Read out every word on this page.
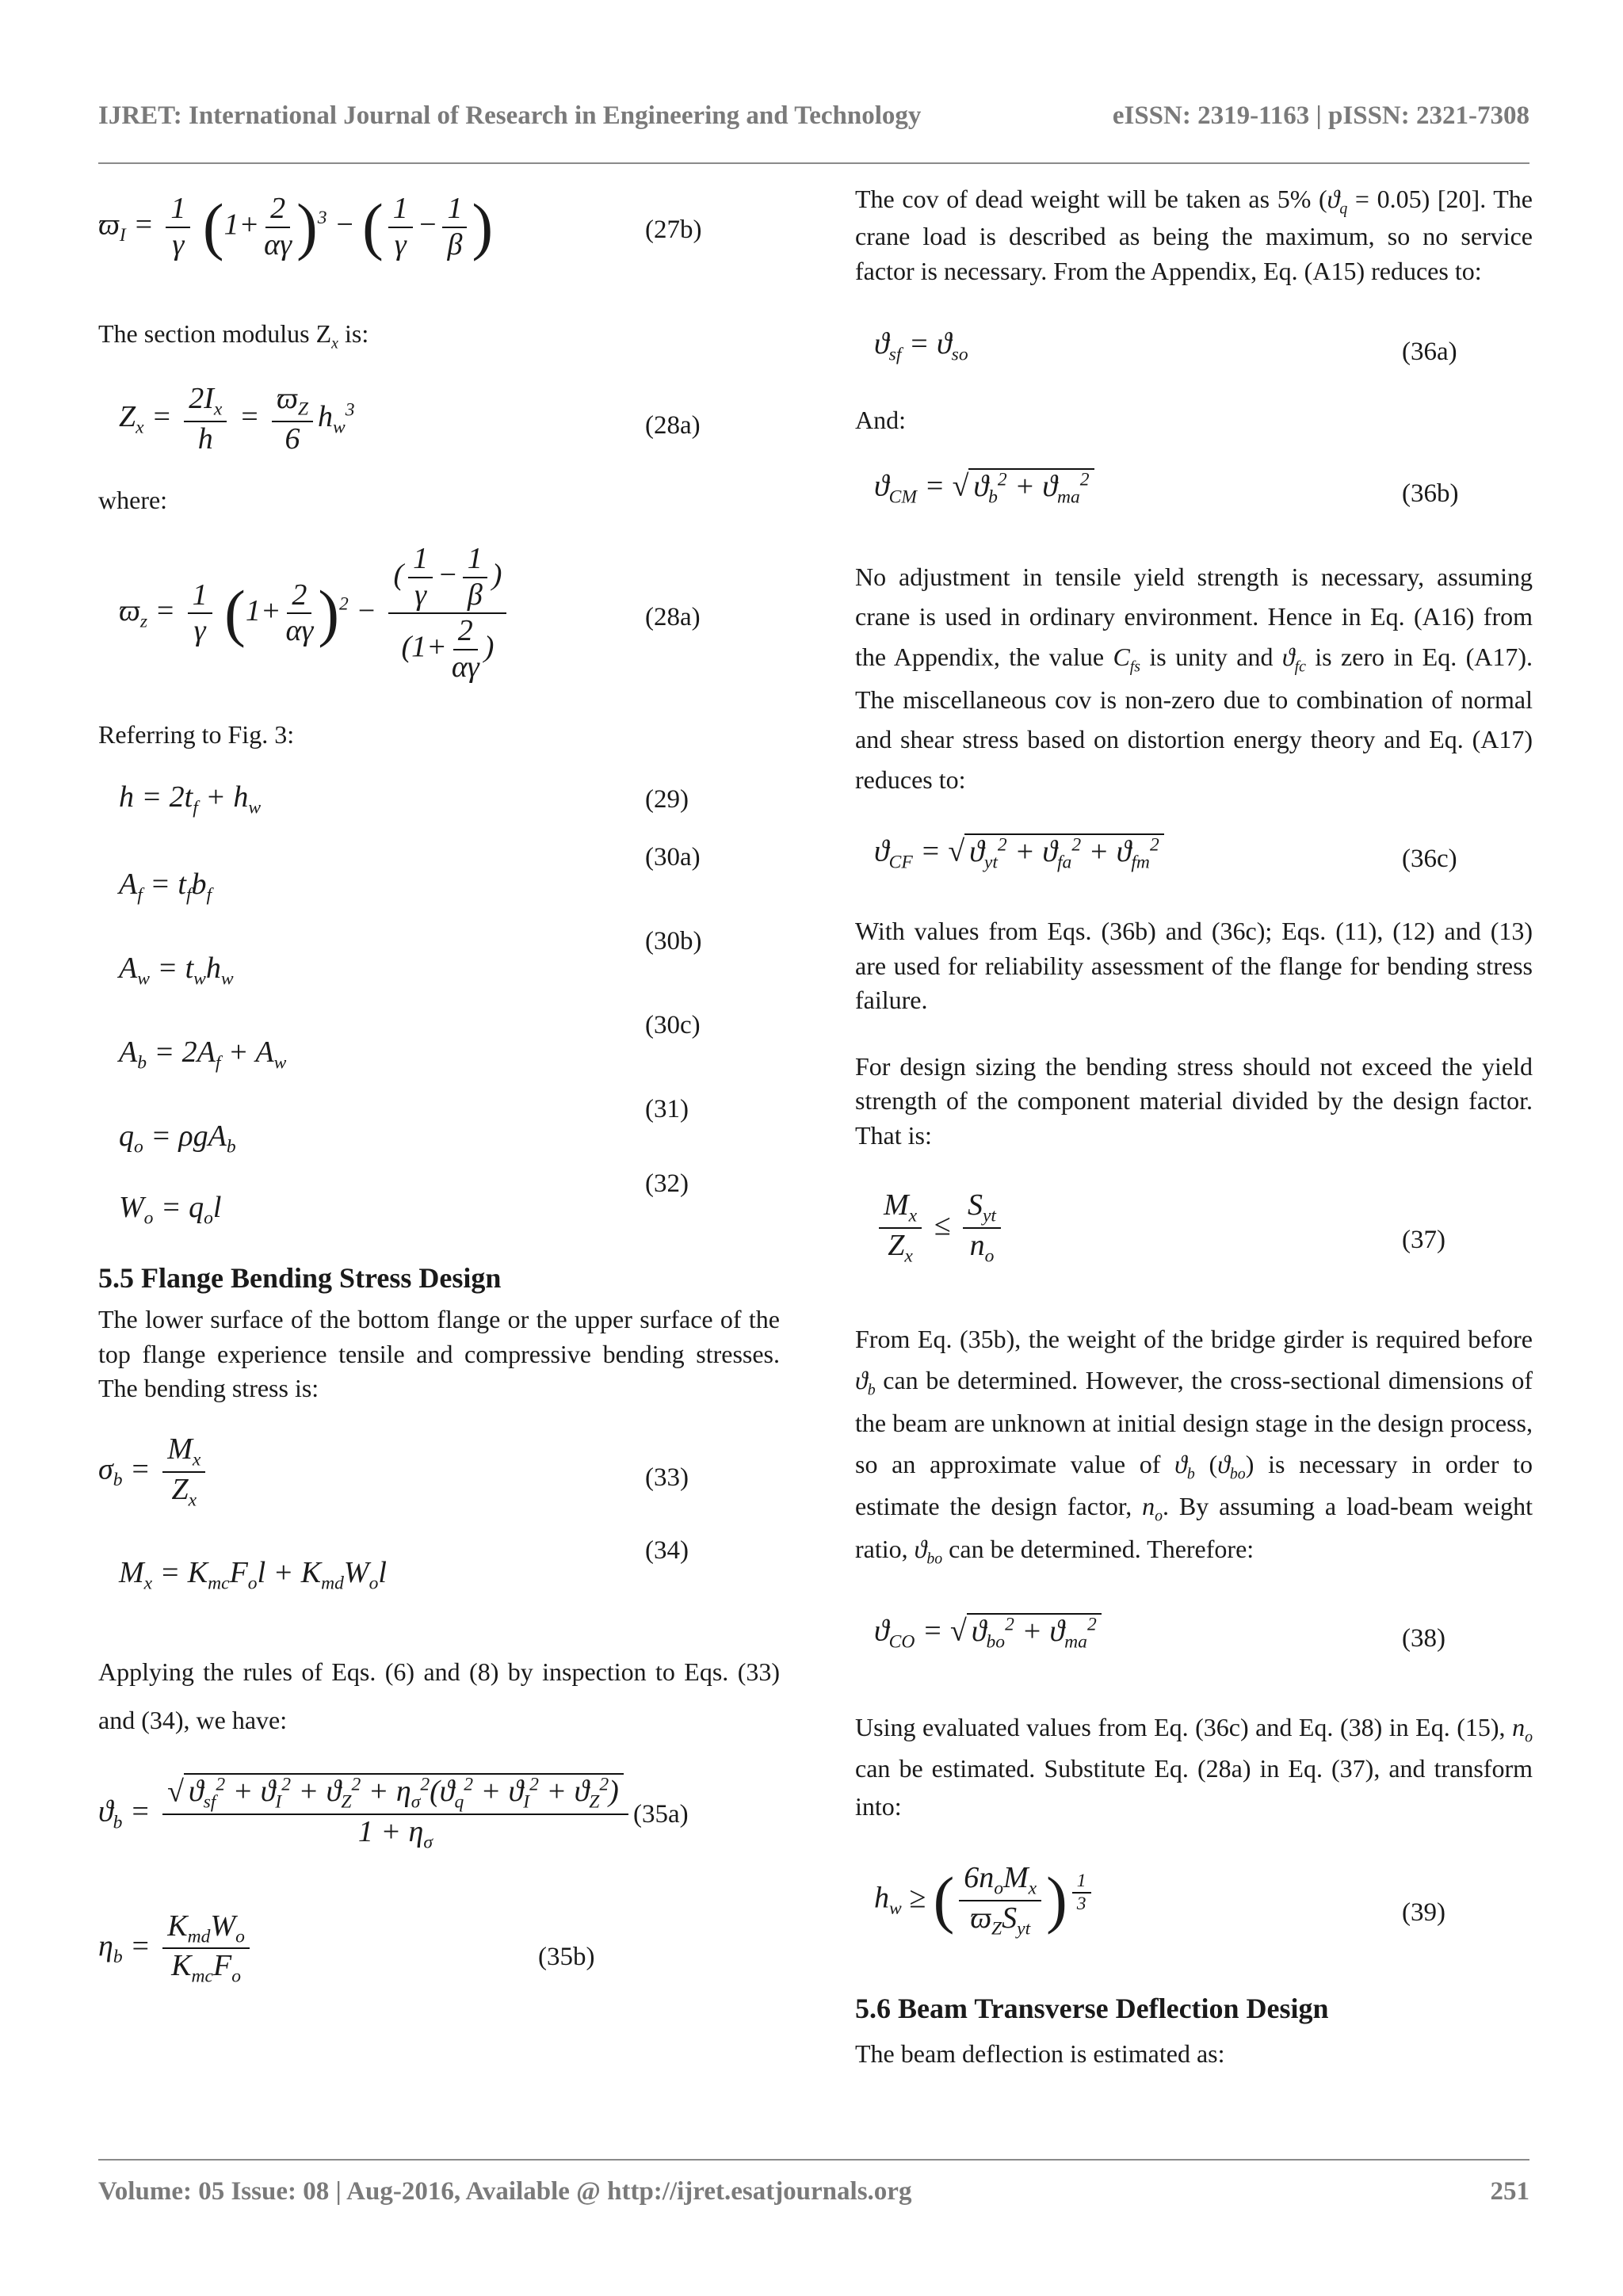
IJRET: International Journal of Research in Engineering and Technology	eISSN: 2319-1163 | pISSN: 2321-7308
$ϖ_I = \frac{1}{\gamma} (1+ \frac{2}{\alpha\gamma} )^3$ − ( $\frac{1}{\gamma} - \frac{1}{\beta}$ )	(27b)

The section modulus $Z_x$ is:

$Z_x = \frac{2I_x}{h} = \frac{ϖ_Z}{6} h_w^3$
(28a)

where:

$ϖ_z = \frac{1}{\gamma} (1+ \frac{2}{\alpha\gamma} )^2 - \frac{( \frac{1}{\gamma} - \frac{1}{\beta} )}{(1+ \frac{2}{\alpha\gamma} )}$	(28a)

Referring to Fig. 3:

$h = 2t_f + h_w$	(29)
$A_f = t_fb_f$
(30a)
$A_w = t_wh_w$
(30b)
$A_b = 2A_f + A_w$
(30c)
$q_o = \rho gA_b$
(31)
$W_o = q_ol$
(32)

5.5 Flange Bending Stress Design

The lower surface of the bottom flange or the upper surface of the top flange experience tensile and compressive bending stresses. The bending stress is:

$\sigma_b = \frac{M_x}{Z_x}$	(33)
$M_x = K_{mc}F_ol + K_{md}W_ol$
(34)

Applying the rules of Eqs. (6) and (8) by inspection to Eqs. (33) and (34), we have:

$ϑ_b = \frac{√ ϑ_{sf}^2 + ϑ_I^2 + ϑ_Z^2 + \eta_\sigma^2(ϑ_q^2 + ϑ_I^2 + ϑ_Z^2)}{1 + \eta_\sigma} (35a)$
$\eta_b = \frac{K_{md}W_o}{K_{mc}F_o}$	(35b)

The cov of dead weight will be taken as 5% $(ϑ_q = 0.05)$ [20]. The crane load is described as being the maximum, so no service factor is necessary. From the Appendix, Eq. (A15) reduces to:

$ϑ_{sf} = ϑ_{so}$	(36a)

And:

$ϑ_{CM}$ = √ $ϑ_b^2 + ϑ_{ma}^2$	(36b)

No adjustment in tensile yield strength is necessary, assuming crane is used in ordinary environment. Hence in Eq. (A16) from the Appendix, the value $C_{fs}$ is unity and $ϑ_{fc}$ is zero in Eq. (A17). The miscellaneous cov is non-zero due to combination of normal and shear stress based on distortion energy theory and Eq. (A17) reduces to:

$ϑ_{CF}$ = √ $ϑ_{yt}^2 + ϑ_{fa}^2 + ϑ_{fm}^2$	(36c)

With values from Eqs. (36b) and (36c); Eqs. (11), (12) and (13) are used for reliability assessment of the flange for bending stress failure.

For design sizing the bending stress should not exceed the yield strength of the component material divided by the design factor. That is:

$\frac{M_x}{Z_x} \le \frac{S_{yt}}{n_o}$	(37)

From Eq. (35b), the weight of the bridge girder is required before $ϑ_b$ can be determined. However, the cross-sectional dimensions of the beam are unknown at initial design stage in the design process, so an approximate value of $ϑ_b$ $(ϑ_{bo})$ is necessary in order to estimate the design factor, $n_o$. By assuming a load-beam weight ratio, $ϑ_{bo}$ can be determined. Therefore:

$ϑ_{CO}$ = √ $ϑ_{bo}^2 + ϑ_{ma}^2$	(38)

Using evaluated values from Eq. (36c) and Eq. (38) in Eq. (15), $n_o$ can be estimated. Substitute Eq. (28a) in Eq. (37), and transform into:

$h_w$ ≥ ( $\frac{6n_oM_x}{ϖ_ZS_{yt}}$ ) $^{\frac{1}{3}}$	(39)

5.6 Beam Transverse Deflection Design

The beam deflection is estimated as:

Volume: 05 Issue: 08 | Aug-2016, Available @ http://ijret.esatjournals.org	251
